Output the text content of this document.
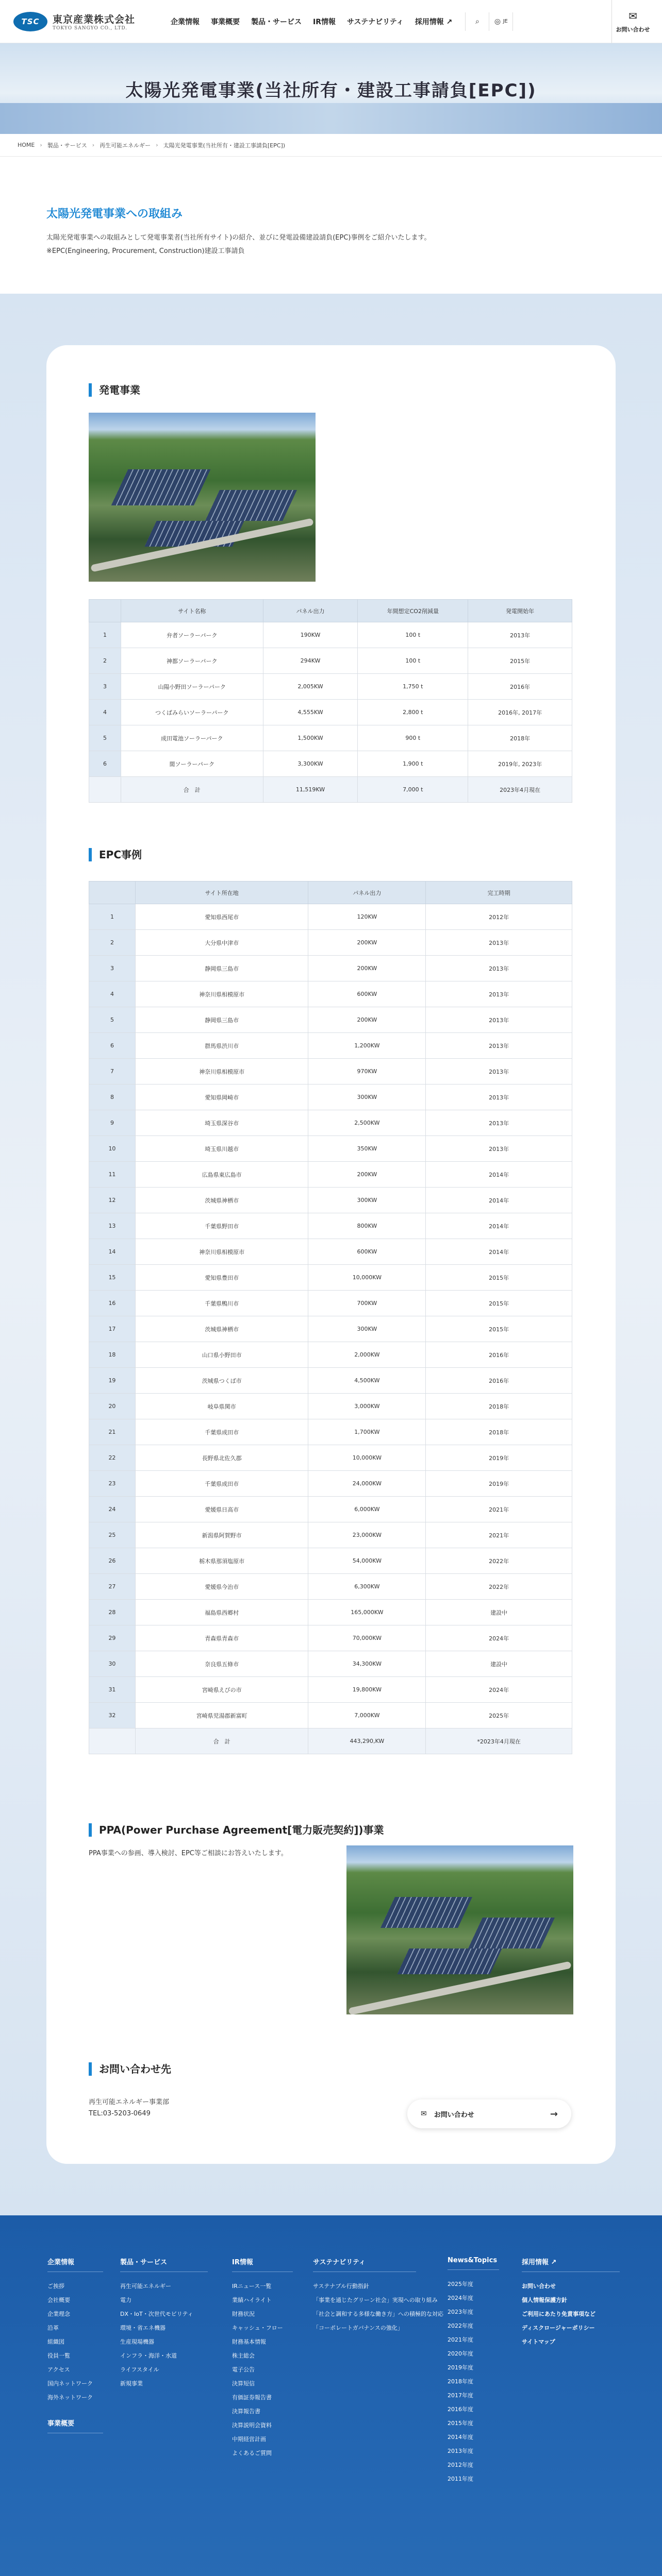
TSC	東京産業株式会社
TOKYO SANGYO CO., LTD.
企業情報	事業概要	製品・サービス	IR情報	サステナビリティ	採用情報 ↗	⌕	◎
JE	✉
お問い合わせ
太陽光発電事業(当社所有・建設工事請負[EPC])
HOME › 製品・サービス › 再生可能エネルギー › 太陽光発電事業(当社所有・建設工事請負[EPC])
太陽光発電事業への取組み

太陽光発電事業への取組みとして発電事業者(当社所有サイト)の紹介、並びに発電設備建設請負(EPC)事例をご紹介いたします。

※EPC(Engineering, Procurement, Construction)建設工事請負

発電事業
	サイト名称	パネル出力	年間想定CO2削減量	発電開始年
1	弁者ソーラーパーク	190KW	100 t	2013年
2	神都ソーラーパーク	294KW	100 t	2015年
3	山陽小野田ソーラーパーク	2,005KW	1,750 t	2016年
4	つくばみらいソーラーパーク	4,555KW	2,800 t	2016年, 2017年
5	成田電池ソーラーパーク	1,500KW	900 t	2018年
6	閖ソーラーパーク	3,300KW	1,900 t	2019年, 2023年
	合　計	11,519KW	7,000 t	2023年4月現在
EPC事例
	サイト所在地	パネル出力	完工時期
1	愛知県西尾市	120KW	2012年
2	大分県中津市	200KW	2013年
3	静岡県三島市	200KW	2013年
4	神奈川県相模原市	600KW	2013年
5	静岡県三島市	200KW	2013年
6	群馬県渋川市	1,200KW	2013年
7	神奈川県相模原市	970KW	2013年
8	愛知県岡崎市	300KW	2013年
9	埼玉県深谷市	2,500KW	2013年
10	埼玉県川越市	350KW	2013年
11	広島県東広島市	200KW	2014年
12	茨城県神栖市	300KW	2014年
13	千葉県野田市	800KW	2014年
14	神奈川県相模原市	600KW	2014年
15	愛知県豊田市	10,000KW	2015年
16	千葉県鴨川市	700KW	2015年
17	茨城県神栖市	300KW	2015年
18	山口県小野田市	2,000KW	2016年
19	茨城県つくば市	4,500KW	2016年
20	岐阜県関市	3,000KW	2018年
21	千葉県成田市	1,700KW	2018年
22	長野県北佐久郡	10,000KW	2019年
23	千葉県成田市	24,000KW	2019年
24	愛媛県日高市	6,000KW	2021年
25	新潟県阿賀野市	23,000KW	2021年
26	栃木県那須塩原市	54,000KW	2022年
27	愛媛県今治市	6,300KW	2022年
28	福島県西郷村	165,000KW	建設中
29	青森県青森市	70,000KW	2024年
30	奈良県五條市	34,300KW	建設中
31	宮崎県えびの市	19,800KW	2024年
32	宮崎県児湯郡新富町	7,000KW	2025年
	合　計	443,290,KW	*2023年4月現在
PPA(Power Purchase Agreement[電力販売契約])事業
PPA事業への参画、導入検討、EPC等ご相談にお答えいたします。
お問い合わせ先
再生可能エネルギー事業部
TEL:03-5203-0649	✉ お問い合わせ	→
企業情報
ご挨拶
会社概要
企業理念
沿革
組織図
役員一覧
アクセス
国内ネットワーク
海外ネットワーク
事業概要
製品・サービス
再生可能エネルギー
電力
DX・IoT・次世代モビリティ
環境・省エネ機器
生産現場機器
インフラ・海洋・水道
ライフスタイル
新規事業
IR情報
IRニュース一覧
業績ハイライト
財務状況
キャッシュ・フロー
財務基本情報
株主総会
電子公告
決算短信
有価証券報告書
決算報告書
決算説明会資料
中期経営計画
よくあるご質問
サステナビリティ
サステナブル行動指針
「事業を通じたグリーン社会」実現への取り組み
「社会と調和する多様な働き方」への積極的な対応
「コーポレートガバナンスの強化」
News&Topics
2025年度
2024年度
2023年度
2022年度
2021年度
2020年度
2019年度
2018年度
2017年度
2016年度
2015年度
2014年度
2013年度
2012年度
2011年度
採用情報 ↗
お問い合わせ
個人情報保護方針
ご利用にあたり免責事項など
ディスクロージャーポリシー
サイトマップ
